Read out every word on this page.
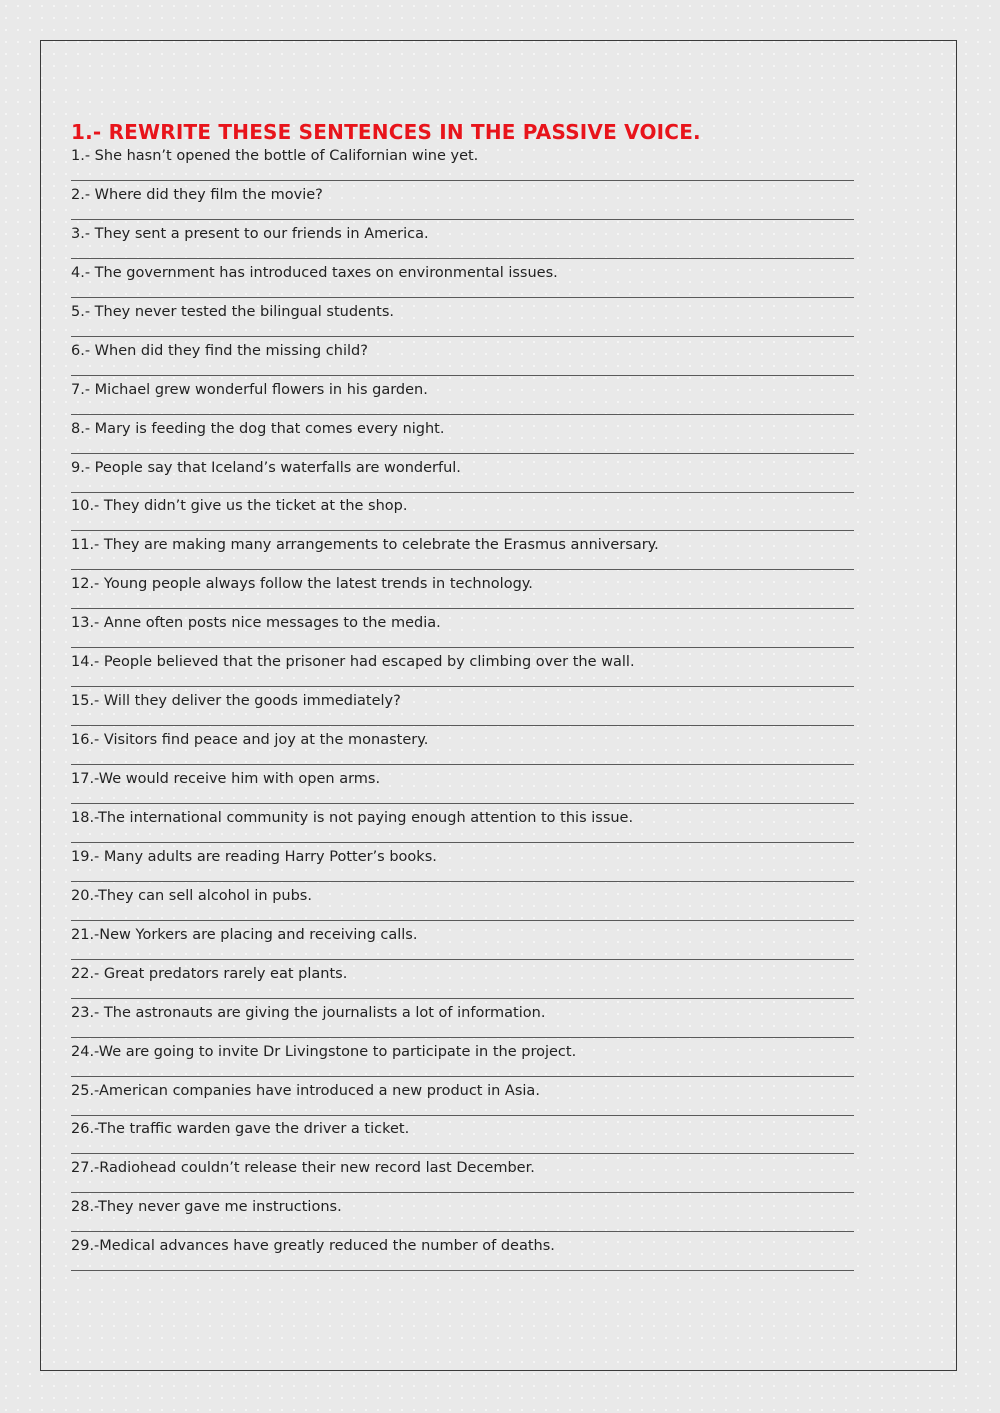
1.- REWRITE THESE SENTENCES IN THE PASSIVE VOICE.
1.- She hasn’t opened the bottle of Californian wine yet.
2.- Where did they film the movie?
3.- They sent a present to our friends in America.
4.- The government has introduced taxes on environmental issues.
5.- They never tested the bilingual students.
6.- When did they find the missing child?
7.- Michael grew wonderful flowers in his garden.
8.- Mary is feeding the dog that comes every night.
9.- People say that Iceland’s waterfalls are wonderful.
10.- They didn’t give us the ticket at the shop.
11.- They are making many arrangements to celebrate the Erasmus anniversary.
12.- Young people always follow the latest trends in technology.
13.- Anne often posts nice messages to the media.
14.- People believed that the prisoner had escaped by climbing over the wall.
15.- Will they deliver the goods immediately?
16.- Visitors find peace and joy at the monastery.
17.-We would receive him with open arms.
18.-The international community is not paying enough attention to this issue.
19.- Many adults are reading Harry Potter’s books.
20.-They can sell alcohol in pubs.
21.-New Yorkers are placing and receiving calls.
22.- Great predators rarely eat plants.
23.- The astronauts are giving the journalists a lot of information.
24.-We are going to invite Dr Livingstone to participate in the project.
25.-American companies have introduced a new product in Asia.
26.-The traffic warden gave the driver a ticket.
27.-Radiohead couldn’t release their new record last December.
28.-They never gave me instructions.
29.-Medical advances have greatly reduced the number of deaths.
